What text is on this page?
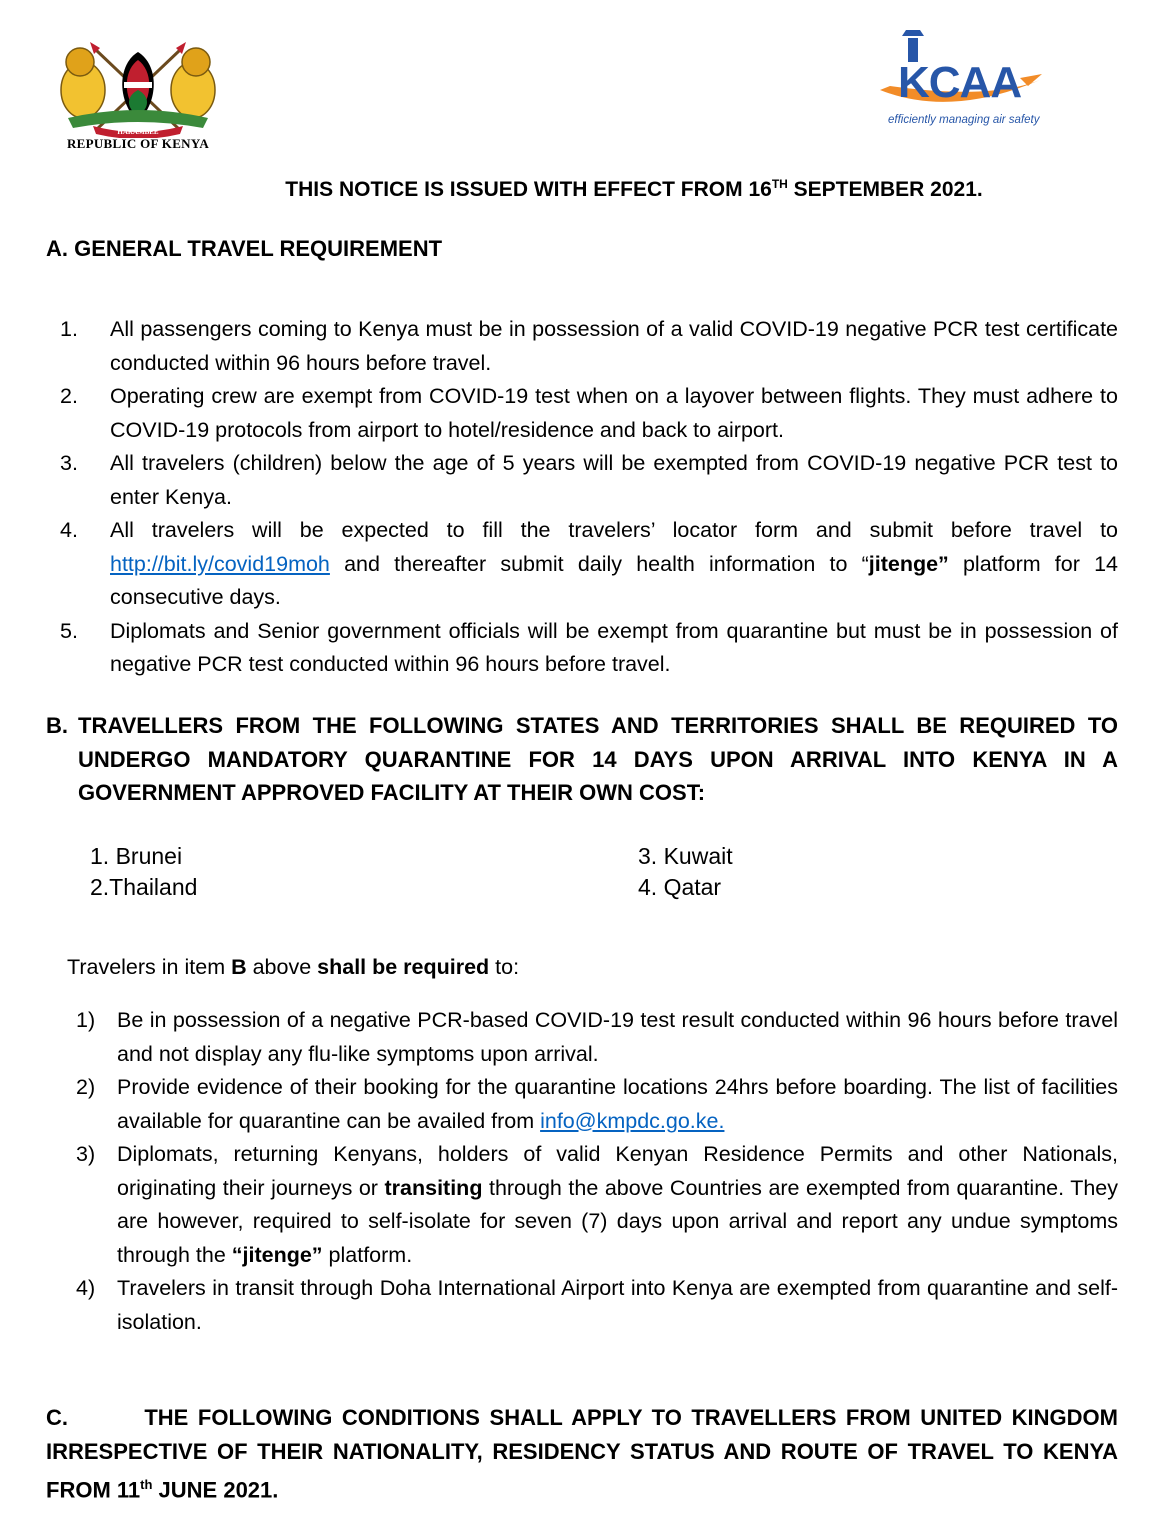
HARAMBEE
REPUBLIC OF KENYA
KCAA
efficiently managing air safety
THIS NOTICE IS ISSUED WITH EFFECT FROM 16TH SEPTEMBER 2021.
A. GENERAL TRAVEL REQUIREMENT
1. All passengers coming to Kenya must be in possession of a valid COVID-19 negative PCR test certificate conducted within 96 hours before travel.
2. Operating crew are exempt from COVID-19 test when on a layover between flights. They must adhere to COVID-19 protocols from airport to hotel/residence and back to airport.
3. All travelers (children) below the age of 5 years will be exempted from COVID-19 negative PCR test to enter Kenya.
4. All travelers will be expected to fill the travelers’ locator form and submit before travel to http://bit.ly/covid19moh and thereafter submit daily health information to “jitenge” platform for 14 consecutive days.
5. Diplomats and Senior government officials will be exempt from quarantine but must be in possession of negative PCR test conducted within 96 hours before travel.
B. TRAVELLERS FROM THE FOLLOWING STATES AND TERRITORIES SHALL BE REQUIRED TO UNDERGO MANDATORY QUARANTINE FOR 14 DAYS UPON ARRIVAL INTO KENYA IN A GOVERNMENT APPROVED FACILITY AT THEIR OWN COST:
1. Brunei
2.Thailand
3. Kuwait
4. Qatar
Travelers in item B above shall be required to:
1) Be in possession of a negative PCR-based COVID-19 test result conducted within 96 hours before travel and not display any flu-like symptoms upon arrival.
2) Provide evidence of their booking for the quarantine locations 24hrs before boarding. The list of facilities available for quarantine can be availed from info@kmpdc.go.ke.
3) Diplomats, returning Kenyans, holders of valid Kenyan Residence Permits and other Nationals, originating their journeys or transiting through the above Countries are exempted from quarantine. They are however, required to self-isolate for seven (7) days upon arrival and report any undue symptoms through the “jitenge” platform.
4) Travelers in transit through Doha International Airport into Kenya are exempted from quarantine and self-isolation.
C.        THE FOLLOWING CONDITIONS SHALL APPLY TO TRAVELLERS FROM UNITED KINGDOM IRRESPECTIVE OF THEIR NATIONALITY, RESIDENCY STATUS AND ROUTE OF TRAVEL TO KENYA FROM 11th JUNE 2021.
